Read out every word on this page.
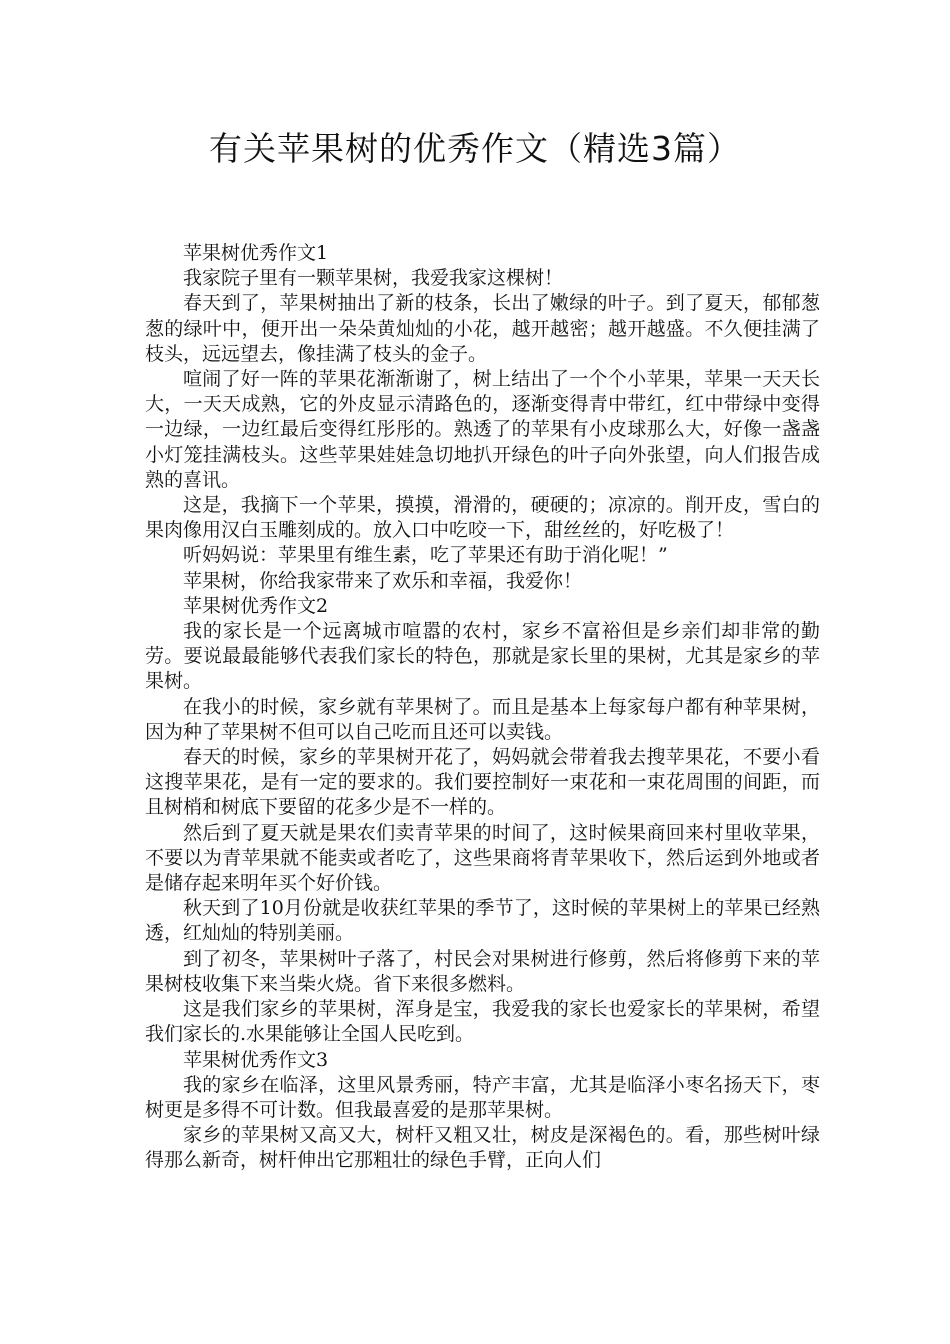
有关苹果树的优秀作文（精选3篇）

苹果树优秀作文1

我家院子里有一颗苹果树，我爱我家这棵树！

春天到了，苹果树抽出了新的枝条，长出了嫩绿的叶子。到了夏天，郁郁葱葱的绿叶中，便开出一朵朵黄灿灿的小花，越开越密；越开越盛。不久便挂满了枝头，远远望去，像挂满了枝头的金子。

喧闹了好一阵的苹果花渐渐谢了，树上结出了一个个小苹果，苹果一天天长大，一天天成熟，它的外皮显示清路色的，逐渐变得青中带红，红中带绿中变得一边绿，一边红最后变得红彤彤的。熟透了的苹果有小皮球那么大，好像一盏盏小灯笼挂满枝头。这些苹果娃娃急切地扒开绿色的叶子向外张望，向人们报告成熟的喜讯。

这是，我摘下一个苹果，摸摸，滑滑的，硬硬的；凉凉的。削开皮，雪白的果肉像用汉白玉雕刻成的。放入口中吃咬一下，甜丝丝的，好吃极了！

听妈妈说：苹果里有维生素，吃了苹果还有助于消化呢！”

苹果树，你给我家带来了欢乐和幸福，我爱你！

苹果树优秀作文2

我的家长是一个远离城市喧嚣的农村，家乡不富裕但是乡亲们却非常的勤劳。要说最最能够代表我们家长的特色，那就是家长里的果树，尤其是家乡的苹果树。

在我小的时候，家乡就有苹果树了。而且是基本上每家每户都有种苹果树，因为种了苹果树不但可以自己吃而且还可以卖钱。

春天的时候，家乡的苹果树开花了，妈妈就会带着我去搜苹果花，不要小看这搜苹果花，是有一定的要求的。我们要控制好一束花和一束花周围的间距，而且树梢和树底下要留的花多少是不一样的。

然后到了夏天就是果农们卖青苹果的时间了，这时候果商回来村里收苹果，不要以为青苹果就不能卖或者吃了，这些果商将青苹果收下，然后运到外地或者是储存起来明年买个好价钱。

秋天到了10月份就是收获红苹果的季节了，这时候的苹果树上的苹果已经熟透，红灿灿的特别美丽。

到了初冬，苹果树叶子落了，村民会对果树进行修剪，然后将修剪下来的苹果树枝收集下来当柴火烧。省下来很多燃料。

这是我们家乡的苹果树，浑身是宝，我爱我的家长也爱家长的苹果树，希望我们家长的.水果能够让全国人民吃到。

苹果树优秀作文3

我的家乡在临泽，这里风景秀丽，特产丰富，尤其是临泽小枣名扬天下，枣树更是多得不可计数。但我最喜爱的是那苹果树。

家乡的苹果树又高又大，树杆又粗又壮，树皮是深褐色的。看，那些树叶绿得那么新奇，树杆伸出它那粗壮的绿色手臂，正向人们
